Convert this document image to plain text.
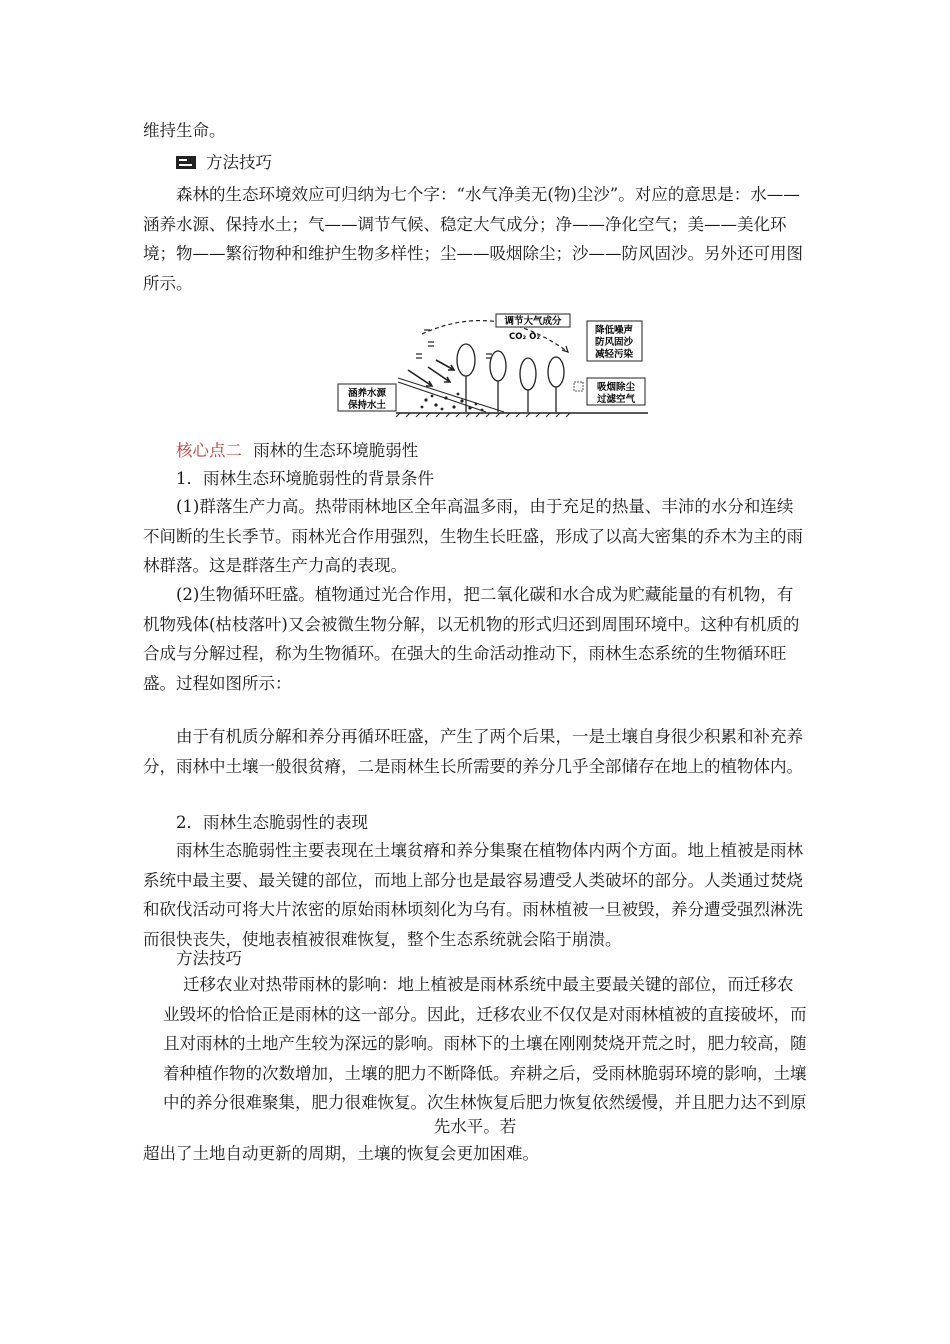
维持生命。

方法技巧

森林的生态环境效应可归纳为七个字：“水气净美无(物)尘沙”。对应的意思是：水——涵养水源、保持水土；气——调节气候、稳定大气成分；净——净化空气；美——美化环境；物——繁衍物种和维护生物多样性；尘——吸烟除尘；沙——防风固沙。另外还可用图所示。

调节大气成分
CO₂ O₂
降低噪声
防风固沙
减轻污染
吸烟除尘
过滤空气
涵养水源
保持水土
核心点二 雨林的生态环境脆弱性

1．雨林生态环境脆弱性的背景条件

(1)群落生产力高。热带雨林地区全年高温多雨，由于充足的热量、丰沛的水分和连续不间断的生长季节。雨林光合作用强烈，生物生长旺盛，形成了以高大密集的乔木为主的雨林群落。这是群落生产力高的表现。

(2)生物循环旺盛。植物通过光合作用，把二氧化碳和水合成为贮藏能量的有机物，有机物残体(枯枝落叶)又会被微生物分解，以无机物的形式归还到周围环境中。这种有机质的合成与分解过程，称为生物循环。在强大的生命活动推动下，雨林生态系统的生物循环旺盛。过程如图所示：

由于有机质分解和养分再循环旺盛，产生了两个后果，一是土壤自身很少积累和补充养分，雨林中土壤一般很贫瘠，二是雨林生长所需要的养分几乎全部储存在地上的植物体内。

2．雨林生态脆弱性的表现

雨林生态脆弱性主要表现在土壤贫瘠和养分集聚在植物体内两个方面。地上植被是雨林系统中最主要、最关键的部位，而地上部分也是最容易遭受人类破坏的部分。人类通过焚烧和砍伐活动可将大片浓密的原始雨林顷刻化为乌有。雨林植被一旦被毁，养分遭受强烈淋洗而很快丧失，使地表植被很难恢复，整个生态系统就会陷于崩溃。

方法技巧

迁移农业对热带雨林的影响：地上植被是雨林系统中最主要最关键的部位，而迁移农业毁坏的恰恰正是雨林的这一部分。因此，迁移农业不仅仅是对雨林植被的直接破坏，而且对雨林的土地产生较为深远的影响。雨林下的土壤在刚刚焚烧开荒之时，肥力较高，随着种植作物的次数增加，土壤的肥力不断降低。弃耕之后，受雨林脆弱环境的影响，土壤中的养分很难聚集，肥力很难恢复。次生林恢复后肥力恢复依然缓慢，并且肥力达不到原

先水平。若

超出了土地自动更新的周期，土壤的恢复会更加困难。
